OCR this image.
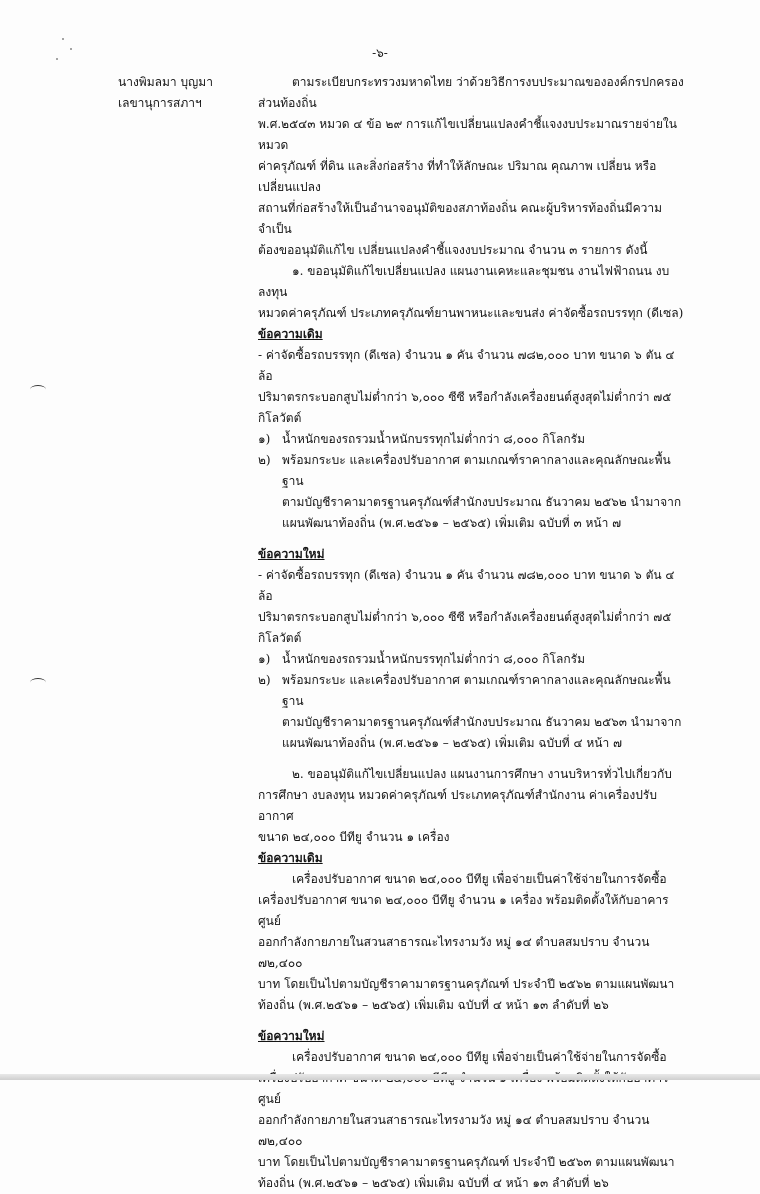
-๖-
นางพิมลมา บุญมา
เลขานุการสภาฯ

ตามระเบียบกระทรวงมหาดไทย ว่าด้วยวิธีการงบประมาณขององค์กรปกครองส่วนท้องถิ่น

พ.ศ.๒๕๔๓ หมวด ๔ ข้อ ๒๙ การแก้ไขเปลี่ยนแปลงคำชี้แจงงบประมาณรายจ่ายในหมวด

ค่าครุภัณฑ์ ที่ดิน และสิ่งก่อสร้าง ที่ทำให้ลักษณะ ปริมาณ คุณภาพ เปลี่ยน หรือ เปลี่ยนแปลง

สถานที่ก่อสร้างให้เป็นอำนาจอนุมัติของสภาท้องถิ่น คณะผู้บริหารท้องถิ่นมีความจำเป็น

ต้องขออนุมัติแก้ไข เปลี่ยนแปลงคำชี้แจงงบประมาณ จำนวน ๓ รายการ ดังนี้

๑. ขออนุมัติแก้ไขเปลี่ยนแปลง แผนงานเคหะและชุมชน งานไฟฟ้าถนน งบลงทุน

หมวดค่าครุภัณฑ์ ประเภทครุภัณฑ์ยานพาหนะและขนส่ง ค่าจัดซื้อรถบรรทุก (ดีเซล)

ข้อความเดิม

- ค่าจัดซื้อรถบรรทุก (ดีเซล) จำนวน ๑ คัน จำนวน ๗๘๒,๐๐๐ บาท ขนาด ๖ ตัน ๔ ล้อ

ปริมาตรกระบอกสูบไม่ต่ำกว่า ๖,๐๐๐ ซีซี หรือกำลังเครื่องยนต์สูงสุดไม่ต่ำกว่า ๗๕

กิโลวัตต์

๑) น้ำหนักของรถรวมน้ำหนักบรรทุกไม่ต่ำกว่า ๘,๐๐๐ กิโลกรัม
๒) พร้อมกระบะ และเครื่องปรับอากาศ ตามเกณฑ์ราคากลางและคุณลักษณะพื้นฐาน
ตามบัญชีราคามาตรฐานครุภัณฑ์สำนักงบประมาณ ธันวาคม ๒๕๖๒ นำมาจาก
แผนพัฒนาท้องถิ่น (พ.ศ.๒๕๖๑ – ๒๕๖๕) เพิ่มเติม ฉบับที่ ๓ หน้า ๗

ข้อความใหม่

- ค่าจัดซื้อรถบรรทุก (ดีเซล) จำนวน ๑ คัน จำนวน ๗๘๒,๐๐๐ บาท ขนาด ๖ ตัน ๔ ล้อ

ปริมาตรกระบอกสูบไม่ต่ำกว่า ๖,๐๐๐ ซีซี หรือกำลังเครื่องยนต์สูงสุดไม่ต่ำกว่า ๗๕

กิโลวัตต์

๑) น้ำหนักของรถรวมน้ำหนักบรรทุกไม่ต่ำกว่า ๘,๐๐๐ กิโลกรัม
๒) พร้อมกระบะ และเครื่องปรับอากาศ ตามเกณฑ์ราคากลางและคุณลักษณะพื้นฐาน
ตามบัญชีราคามาตรฐานครุภัณฑ์สำนักงบประมาณ ธันวาคม ๒๕๖๓ นำมาจาก
แผนพัฒนาท้องถิ่น (พ.ศ.๒๕๖๑ – ๒๕๖๕) เพิ่มเติม ฉบับที่ ๔ หน้า ๗

๒. ขออนุมัติแก้ไขเปลี่ยนแปลง แผนงานการศึกษา งานบริหารทั่วไปเกี่ยวกับ

การศึกษา งบลงทุน หมวดค่าครุภัณฑ์ ประเภทครุภัณฑ์สำนักงาน ค่าเครื่องปรับอากาศ

ขนาด ๒๔,๐๐๐ บีทียู จำนวน ๑ เครื่อง

ข้อความเดิม

เครื่องปรับอากาศ ขนาด ๒๔,๐๐๐ บีทียู เพื่อจ่ายเป็นค่าใช้จ่ายในการจัดซื้อ

เครื่องปรับอากาศ ขนาด ๒๔,๐๐๐ บีทียู จำนวน ๑ เครื่อง พร้อมติดตั้งให้กับอาคารศูนย์

ออกกำลังกายภายในสวนสาธารณะไทรงามวัง หมู่ ๑๔ ตำบลสมปราบ จำนวน ๗๒,๔๐๐

บาท โดยเป็นไปตามบัญชีราคามาตรฐานครุภัณฑ์ ประจำปี ๒๕๖๒ ตามแผนพัฒนา

ท้องถิ่น (พ.ศ.๒๕๖๑ – ๒๕๖๕) เพิ่มเติม ฉบับที่ ๔ หน้า ๑๓ ลำดับที่ ๒๖

ข้อความใหม่

เครื่องปรับอากาศ ขนาด ๒๔,๐๐๐ บีทียู เพื่อจ่ายเป็นค่าใช้จ่ายในการจัดซื้อ

ศูนย์

ออกกำลังกายภายในสวนสาธารณะไทรงามวัง หมู่ ๑๔ ตำบลสมปราบ จำนวน ๗๒,๔๐๐

บาท โดยเป็นไปตามบัญชีราคามาตรฐานครุภัณฑ์ ประจำปี ๒๕๖๓ ตามแผนพัฒนา

ท้องถิ่น (พ.ศ.๒๕๖๑ – ๒๕๖๕) เพิ่มเติม ฉบับที่ ๔ หน้า ๑๓ ลำดับที่ ๒๖
